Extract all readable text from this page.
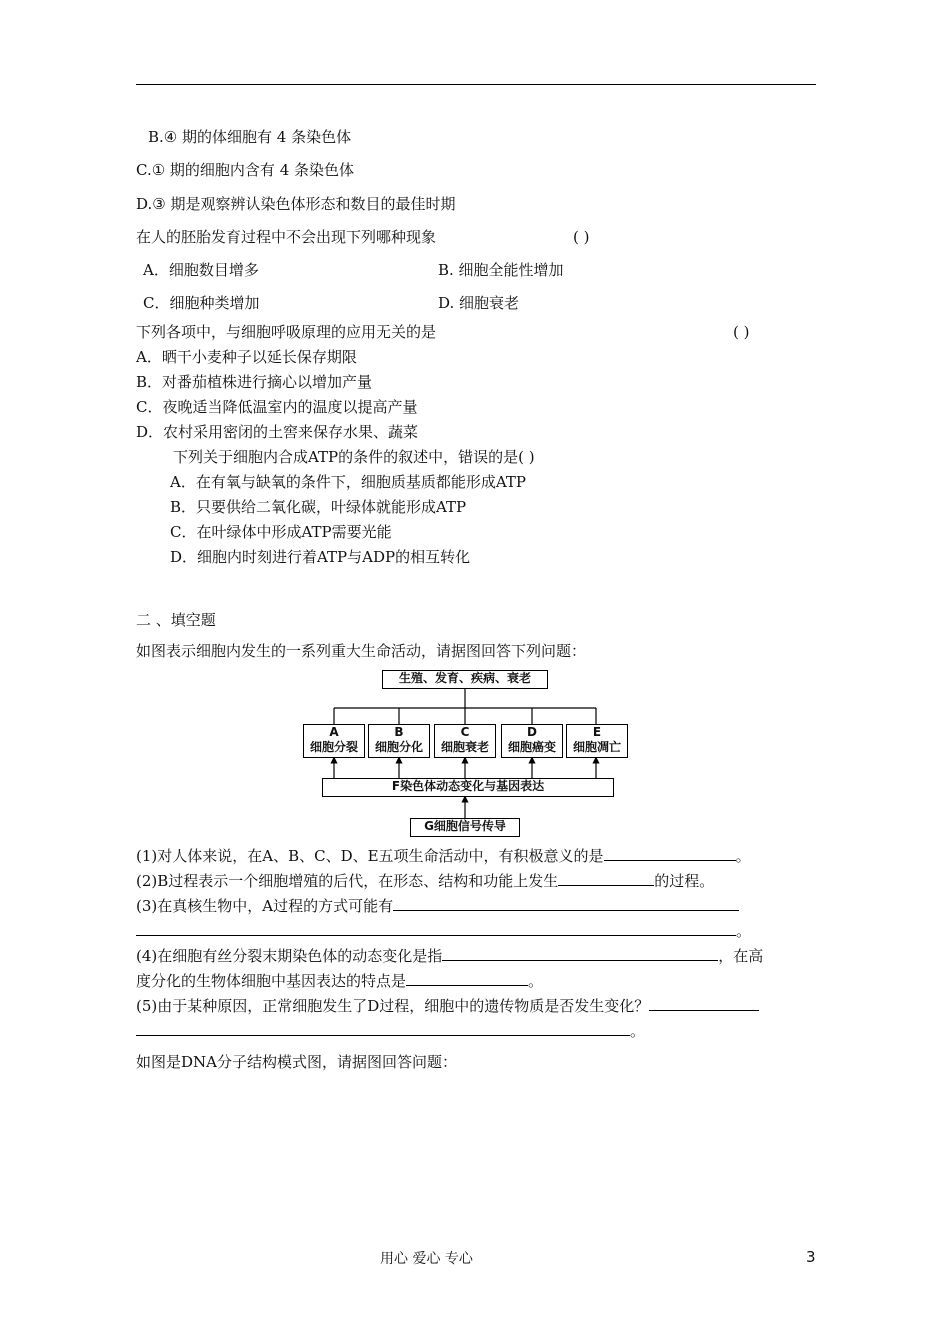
B.④ 期的体细胞有 4 条染色体
C.① 期的细胞内含有 4 条染色体
D.③ 期是观察辨认染色体形态和数目的最佳时期
在人的胚胎发育过程中不会出现下列哪种现象	( )
A．细胞数目增多	B. 细胞全能性增加
C．细胞种类增加	D. 细胞衰老
下列各项中，与细胞呼吸原理的应用无关的是	( )
A．晒干小麦种子以延长保存期限
B．对番茄植株进行摘心以增加产量
C．夜晚适当降低温室内的温度以提高产量
D．农村采用密闭的土窖来保存水果、蔬菜
下列关于细胞内合成ATP的条件的叙述中，错误的是( )
A．在有氧与缺氧的条件下，细胞质基质都能形成ATP
B．只要供给二氧化碳，叶绿体就能形成ATP
C．在叶绿体中形成ATP需要光能
D．细胞内时刻进行着ATP与ADP的相互转化
二 、填空题
如图表示细胞内发生的一系列重大生命活动，请据图回答下列问题：
生殖、发育、疾病、衰老
A
细胞分裂
B
细胞分化
C
细胞衰老
D
细胞癌变
E
细胞凋亡
F染色体动态变化与基因表达
G细胞信号传导
(1)对人体来说，在A、B、C、D、E五项生命活动中，有积极意义的是	。
(2)B过程表示一个细胞增殖的后代，在形态、结构和功能上发生	的过程。
(3)在真核生物中，A过程的方式可能有
。
(4)在细胞有丝分裂末期染色体的动态变化是指	，在高
度分化的生物体细胞中基因表达的特点是	。
(5)由于某种原因，正常细胞发生了D过程，细胞中的遗传物质是否发生变化？
。
如图是DNA分子结构模式图，请据图回答问题：
用心 爱心 专心	3
